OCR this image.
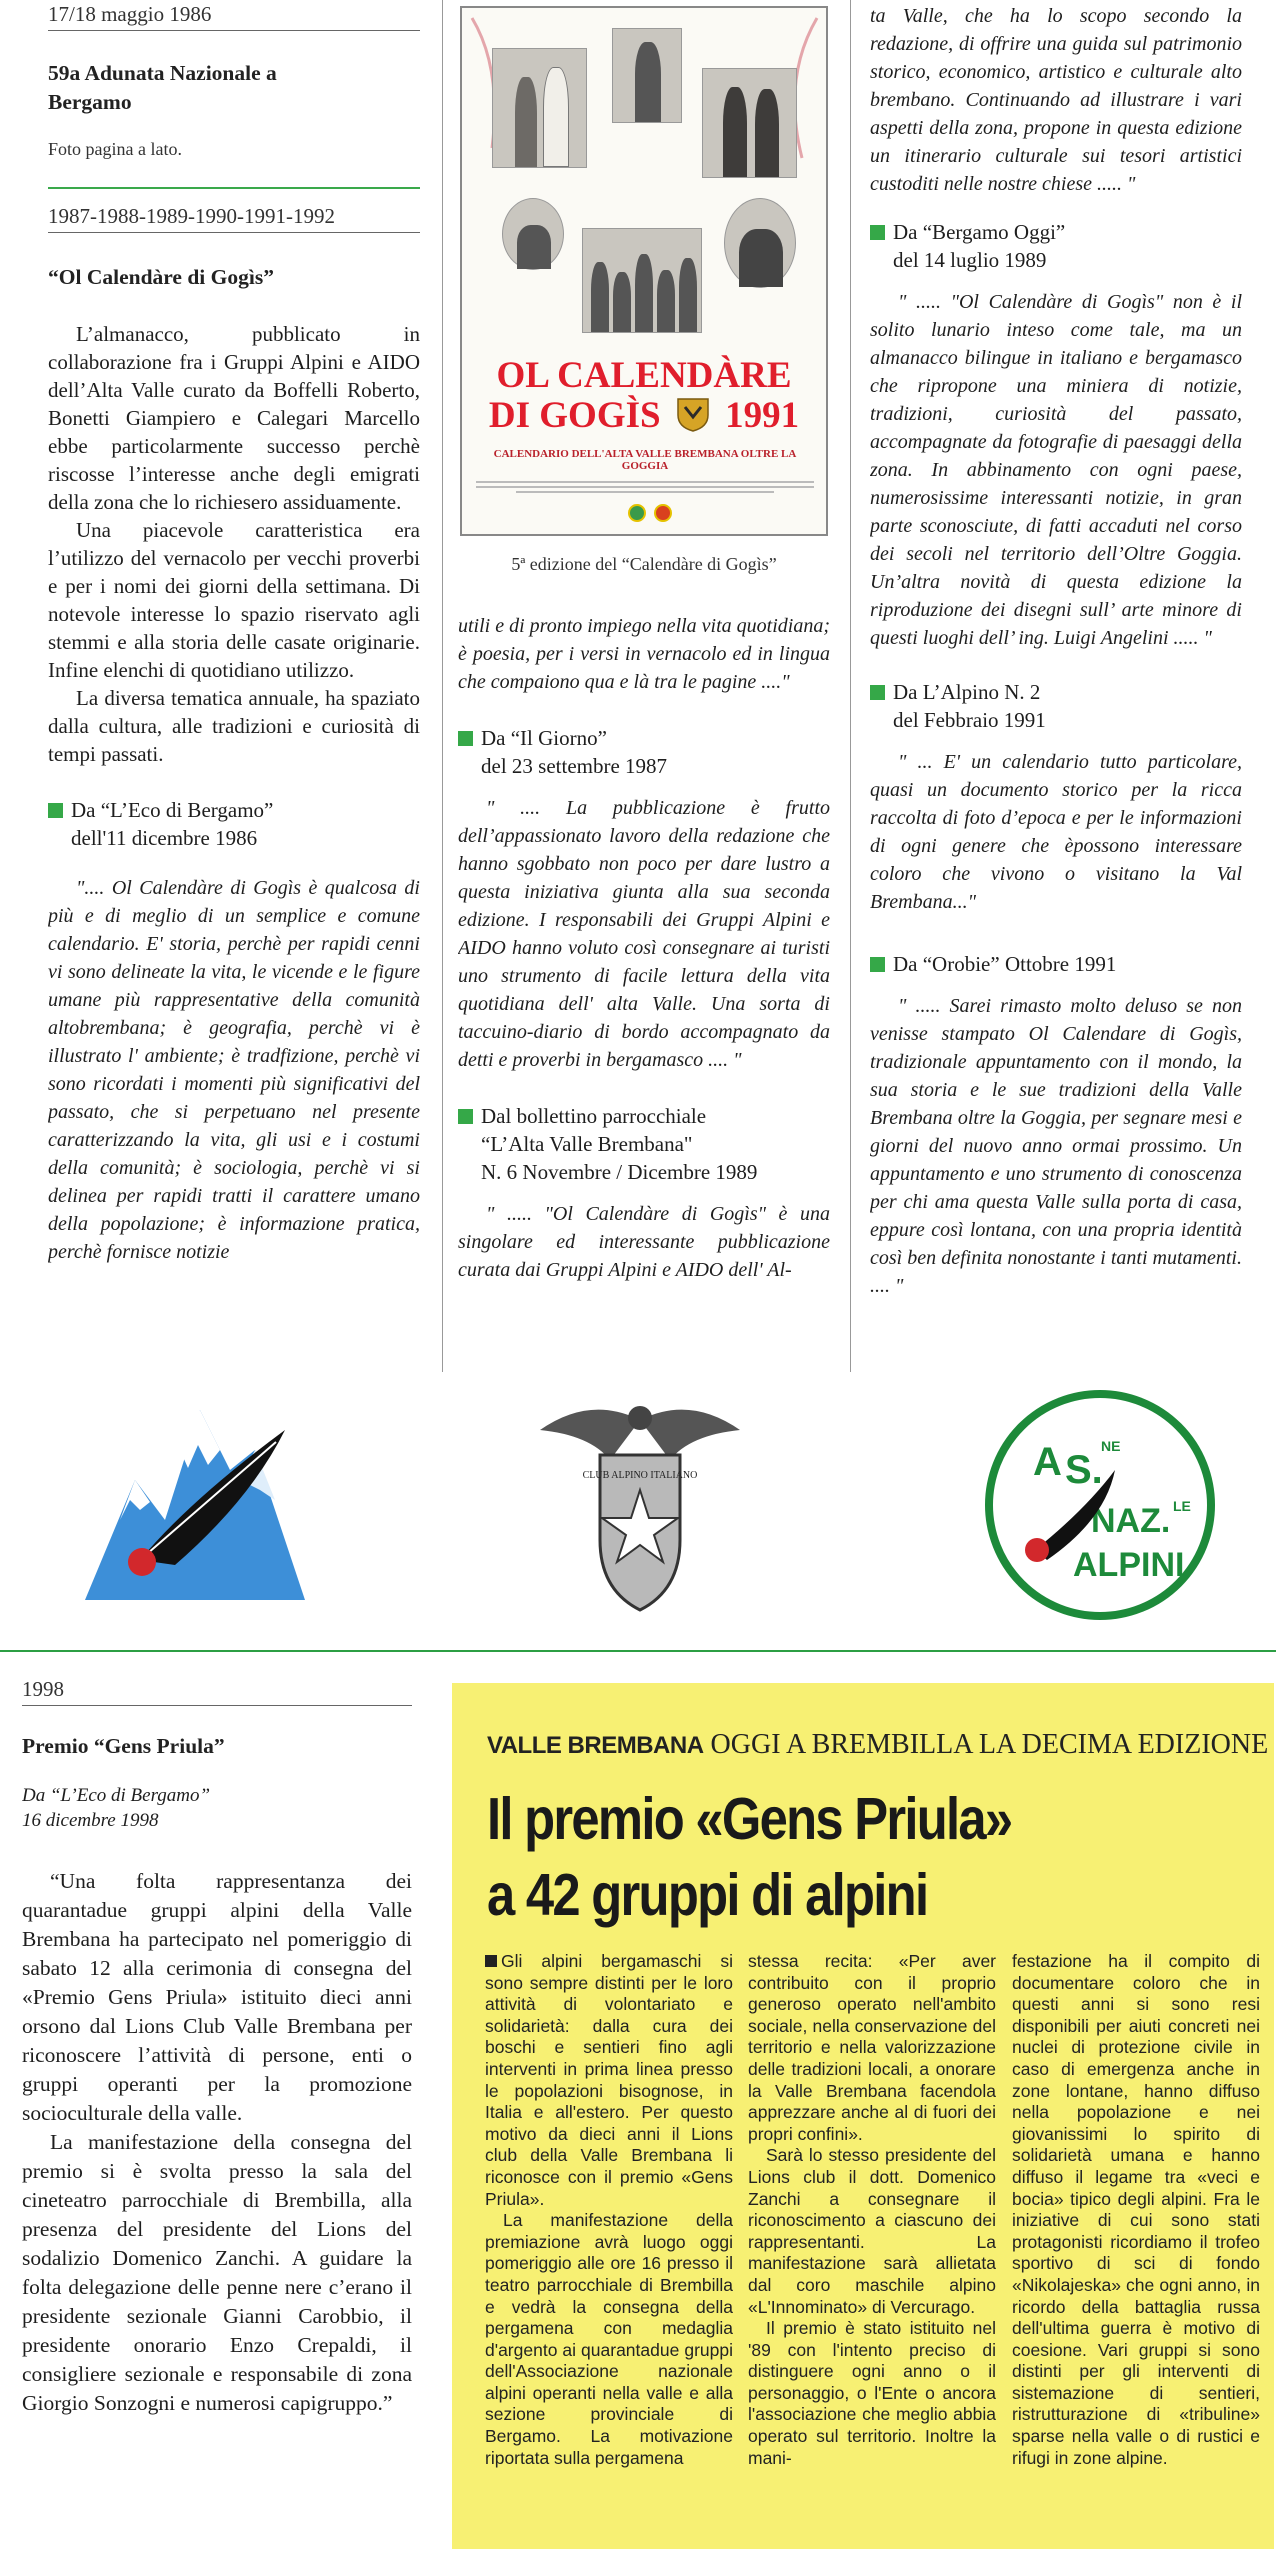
17/18 maggio 1986
59a Adunata Nazionale a Bergamo
Foto pagina a lato.
1987-1988-1989-1990-1991-1992
“Ol Calendàre di Gogìs”

L’almanacco, pubblicato in collaborazione fra i Gruppi Alpini e AIDO dell’Alta Valle curato da Boffelli Roberto, Bonetti Giampiero e Calegari Marcello ebbe particolarmente successo perchè riscosse l’interesse anche degli emigrati della zona che lo richiesero assiduamente.

Una piacevole caratteristica era l’utilizzo del vernacolo per vecchi proverbi e per i nomi dei giorni della settimana. Di notevole interesse lo spazio riservato agli stemmi e alla storia delle casate originarie. Infine elenchi di quotidiano utilizzo.

La diversa tematica annuale, ha spaziato dalla cultura, alle tradizioni e curiosità di tempi passati.

Da “L’Eco di Bergamo”
dell'11 dicembre 1986

".... Ol Calendàre di Gogìs è qualcosa di più e di meglio di un semplice e comune calendario. E' storia, perchè per rapidi cenni vi sono delineate la vita, le vicende e le figure umane più rappresentative della comunità altobrembana; è geografia, perchè vi è illustrato l' ambiente; è tradfizione, perchè vi sono ricordati i momenti più significativi del passato, che si perpetuano nel presente caratterizzando la vita, gli usi e i costumi della comunità; è sociologia, perchè vi si delinea per rapidi tratti il carattere umano della popolazione; è informazione pratica, perchè fornisce notizie

OL CALENDÀRE
DI GOGÌS 1991
CALENDARIO DELL'ALTA VALLE BREMBANA OLTRE LA GOGGIA
5ª edizione del “Calendàre di Gogìs”

utili e di pronto impiego nella vita quotidiana; è poesia, per i versi in vernacolo ed in lingua che compaiono qua e là tra le pagine ...."

Da “Il Giorno”
del 23 settembre 1987

" .... La pubblicazione è frutto dell’appassionato lavoro della redazione che hanno sgobbato non poco per dare lustro a questa iniziativa giunta alla sua seconda edizione. I responsabili dei Gruppi Alpini e AIDO hanno voluto così consegnare ai turisti uno strumento di facile lettura della vita quotidiana dell' alta Valle. Una sorta di taccuino-diario di bordo accompagnato da detti e proverbi in bergamasco .... "

Dal bollettino parrocchiale
“L’Alta Valle Brembana"
N. 6 Novembre / Dicembre 1989

" ..... "Ol Calendàre di Gogìs" è una singolare ed interessante pubblicazione curata dai Gruppi Alpini e AIDO dell' Al-

ta Valle, che ha lo scopo secondo la redazione, di offrire una guida sul patrimonio storico, economico, artistico e culturale alto brembano. Continuando ad illustrare i vari aspetti della zona, propone in questa edizione un itinerario culturale sui tesori artistici custoditi nelle nostre chiese ..... "

Da “Bergamo Oggi”
del 14 luglio 1989

" ..... "Ol Calendàre di Gogìs" non è il solito lunario inteso come tale, ma un almanacco bilingue in italiano e bergamasco che ripropone una miniera di notizie, tradizioni, curiosità del passato, accompagnate da fotografie di paesaggi della zona. In abbinamento con ogni paese, numerosissime interessanti notizie, in gran parte sconosciute, di fatti accaduti nel corso dei secoli nel territorio dell’Oltre Goggia. Un’altra novità di questa edizione la riproduzione dei disegni sull’ arte minore di questi luoghi dell’ ing. Luigi Angelini ..... "

Da L’Alpino N. 2
del Febbraio 1991

" ... E' un calendario tutto particolare, quasi un documento storico per la ricca raccolta di foto d’epoca e per le informazioni di ogni genere che èpossono interessare coloro che vivono o visitano la Val Brembana..."

Da “Orobie” Ottobre 1991

" ..... Sarei rimasto molto deluso se non venisse stampato Ol Calendare di Gogìs, tradizionale appuntamento con il mondo, la sua storia e le sue tradizioni della Valle Brembana oltre la Goggia, per segnare mesi e giorni del nuovo anno ormai prossimo. Un appuntamento e uno strumento di conoscenza per chi ama questa Valle sulla porta di casa, eppure così lontana, con una propria identità così ben definita nonostante i tanti mutamenti. .... "

CLUB ALPINO ITALIANO	A S.
NE
NAZ. LE
ALPINI
1998
Premio “Gens Priula”
Da “L’Eco di Bergamo”
16 dicembre 1998

“Una folta rappresentanza dei quarantadue gruppi alpini della Valle Brembana ha partecipato nel pomeriggio di sabato 12 alla cerimonia di consegna del «Premio Gens Priula» istituito dieci anni orsono dal Lions Club Valle Brembana per riconoscere l’attività di persone, enti o gruppi operanti per la promozione socioculturale della valle.

La manifestazione della consegna del premio si è svolta presso la sala del cineteatro parrocchiale di Brembilla, alla presenza del presidente del Lions del sodalizio Domenico Zanchi. A guidare la folta delegazione delle penne nere c’erano il presidente sezionale Gianni Carobbio, il presidente onorario Enzo Crepaldi, il consigliere sezionale e responsabile di zona Giorgio Sonzogni e numerosi capigruppo.”

VALLE BREMBANA OGGI A BREMBILLA LA DECIMA EDIZIONE
Il premio «Gens Priula»
a 42 gruppi di alpini

Gli alpini bergamaschi si sono sempre distinti per le loro attività di volontariato e solidarietà: dalla cura dei boschi e sentieri fino agli interventi in prima linea presso le popolazioni bisognose, in Italia e all'estero. Per questo motivo da dieci anni il Lions club della Valle Brembana li riconosce con il premio «Gens Priula».

La manifestazione della premiazione avrà luogo oggi pomeriggio alle ore 16 presso il teatro parrocchiale di Brembilla e vedrà la consegna della pergamena con medaglia d'argento ai quarantadue gruppi dell'Associazione nazionale alpini operanti nella valle e alla sezione provinciale di Bergamo. La motivazione riportata sulla pergamena

stessa recita: «Per aver contribuito con il proprio generoso operato nell'ambito sociale, nella conservazione del territorio e nella valorizzazione delle tradizioni locali, a onorare la Valle Brembana facendola apprezzare anche al di fuori dei propri confini».

Sarà lo stesso presidente del Lions club il dott. Domenico Zanchi a consegnare il riconoscimento a ciascuno dei rappresentanti. La manifestazione sarà allietata dal coro maschile alpino «L'Innominato» di Vercurago.

Il premio è stato istituito nel '89 con l'intento preciso di distinguere ogni anno o il personaggio, o l'Ente o ancora l'associazione che meglio abbia operato sul territorio. Inoltre la mani-

festazione ha il compito di documentare coloro che in questi anni si sono resi disponibili per aiuti concreti nei nuclei di protezione civile in caso di emergenza anche in zone lontane, hanno diffuso nella popolazione e nei giovanissimi lo spirito di solidarietà umana e hanno diffuso il legame tra «veci e bocia» tipico degli alpini. Fra le iniziative di cui sono stati protagonisti ricordiamo il trofeo sportivo di sci di fondo «Nikolajeska» che ogni anno, in ricordo della battaglia russa dell'ultima guerra è motivo di coesione. Vari gruppi si sono distinti per gli interventi di sistemazione di sentieri, ristrutturazione di «tribuline» sparse nella valle o di rustici e rifugi in zone alpine.
